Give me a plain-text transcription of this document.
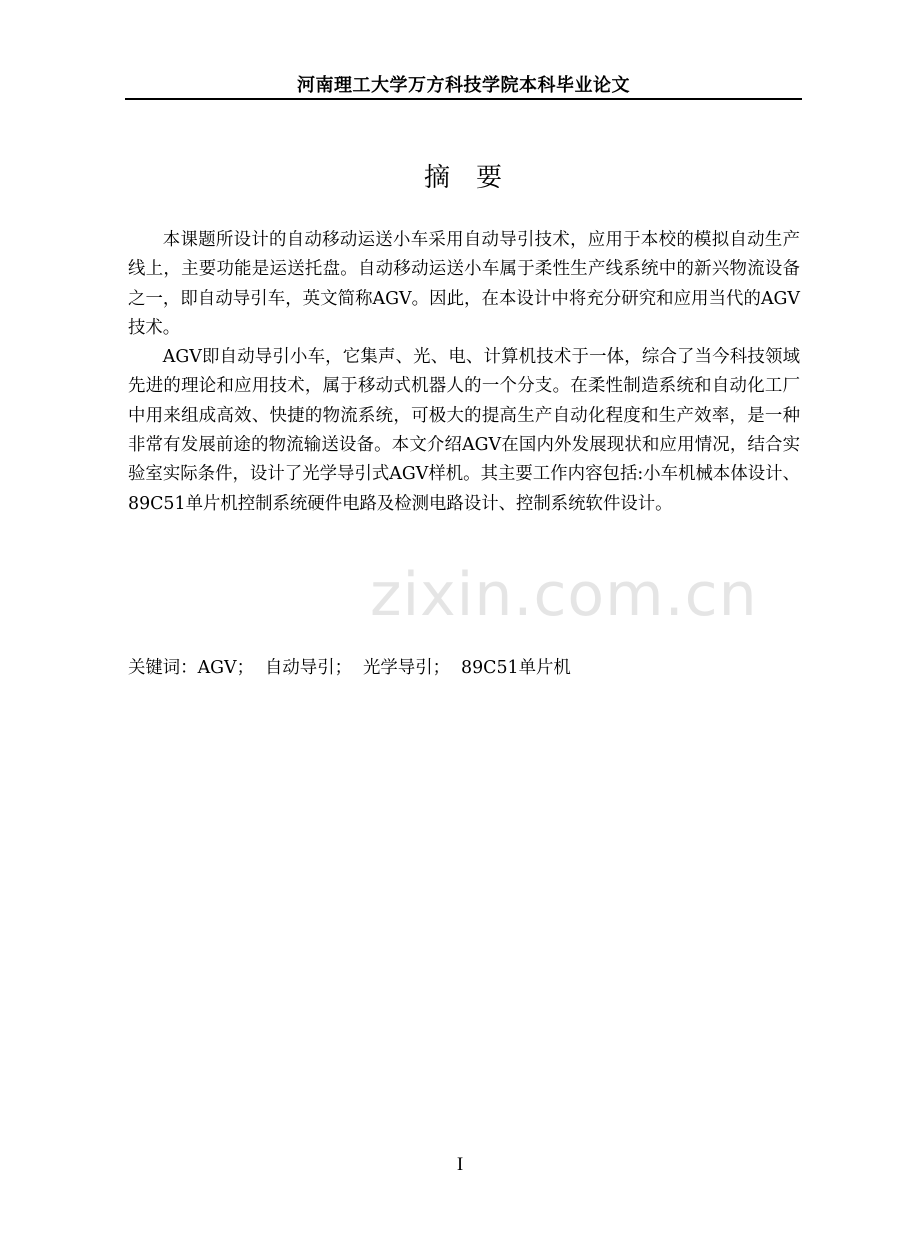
河南理工大学万方科技学院本科毕业论文
摘要

本课题所设计的自动移动运送小车采用自动导引技术，应用于本校的模拟自动生产线上，主要功能是运送托盘。自动移动运送小车属于柔性生产线系统中的新兴物流设备之一，即自动导引车，英文简称AGV。因此，在本设计中将充分研究和应用当代的AGV技术。

AGV即自动导引小车，它集声、光、电、计算机技术于一体，综合了当今科技领域先进的理论和应用技术，属于移动式机器人的一个分支。在柔性制造系统和自动化工厂中用来组成高效、快捷的物流系统，可极大的提高生产自动化程度和生产效率，是一种非常有发展前途的物流输送设备。本文介绍AGV在国内外发展现状和应用情况，结合实验室实际条件，设计了光学导引式AGV样机。其主要工作内容包括:小车机械本体设计、 89C51单片机控制系统硬件电路及检测电路设计、控制系统软件设计。

关键词：AGV；  自动导引；  光学导引；  89C51单片机
zixin.com.cn
I
